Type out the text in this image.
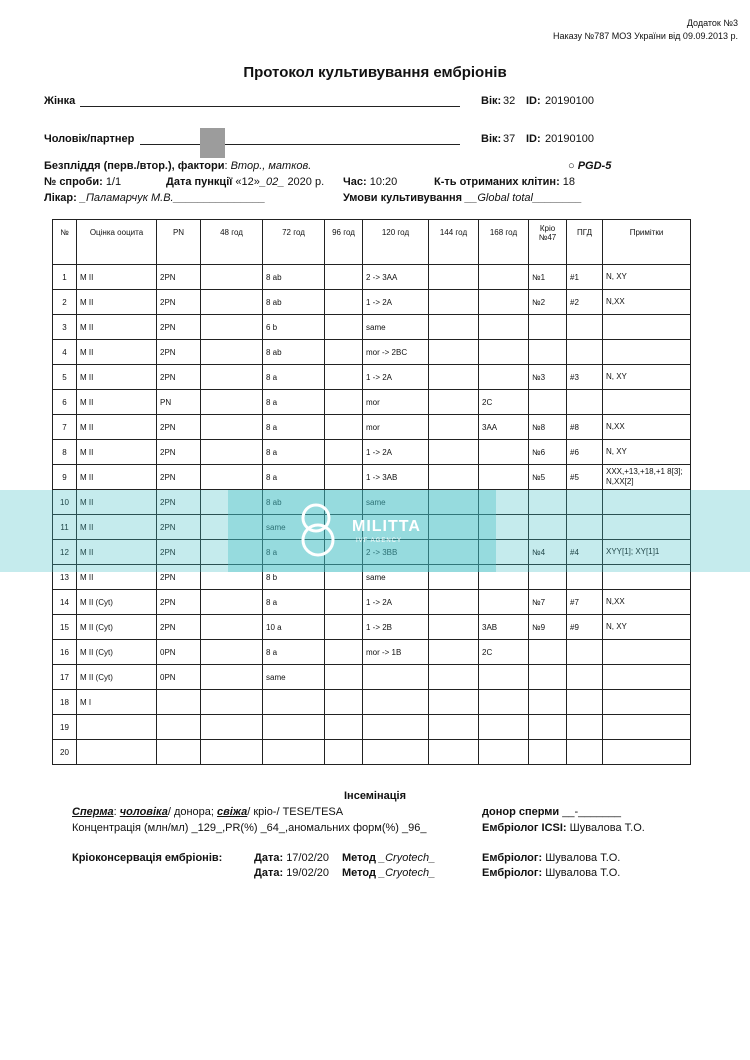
Додаток №3
Наказу №787 МОЗ України від 09.09.2013 р.
Протокол культивування ембріонів
Жінка	Вік: 32 ID: 20190100
Чоловік/партнер	Вік: 37 ID: 20190100
Безпліддя (перв./втор.), фактори: Втор., матков.	○ PGD-5
№ спроби: 1/1	Дата пункції «12»_02_ 2020 р. Час: 10:20	К-ть отриманих клітин: 18
Лікар: _Паламарчук М.В._______________	Умови культивування __Global total________
№	Оцінка ооцита	PN	48 год	72 год	96 год	120 год	144 год	168 год	Кріо №47	ПГД	Примітки
1	M II	2PN		8 ab		2 -> 3AA			№1	#1	N, XY
2	M II	2PN		8 ab		1 -> 2A			№2	#2	N,XX
3	M II	2PN		6 b		same					
4	M II	2PN		8 ab		mor -> 2BC					
5	M II	2PN		8 a		1 -> 2A			№3	#3	N, XY
6	M II	PN		8 a		mor		2C			
7	M II	2PN		8 a		mor		3AA	№8	#8	N,XX
8	M II	2PN		8 a		1 -> 2A			№6	#6	N, XY
9	M II	2PN		8 a		1 -> 3AB			№5	#5	XXX,+13,+18,+1 8[3]; N,XX[2]
10	M II	2PN		8 ab		same					
11	M II	2PN		same							
12	M II	2PN		8 a		2 -> 3BB			№4	#4	XYY[1]; XY[1]1
13	M II	2PN		8 b		same					
14	M II (Cyt)	2PN		8 a		1 -> 2A			№7	#7	N,XX
15	M II (Cyt)	2PN		10 a		1 -> 2B		3AB	№9	#9	N, XY
16	M II (Cyt)	0PN		8 a		mor -> 1B		2C			
17	M II (Cyt)	0PN		same							
18	M I										
19											
20											
MILITTA
IVF AGENCY
Інсемінація
Сперма: чоловіка/ донора; свіжа/ кріо-/ TESE/TESA	донор сперми __-_______
Концентрація (млн/мл) _129_,PR(%) _64_,аномальних форм(%) _96_	Ембріолог ICSI: Шувалова Т.О.
Кріоконсервація ембріонів:	Дата: 17/02/20 Метод _Cryotech_	Ембріолог: Шувалова Т.О.
Дата: 19/02/20 Метод _Cryotech_	Ембріолог: Шувалова Т.О.
